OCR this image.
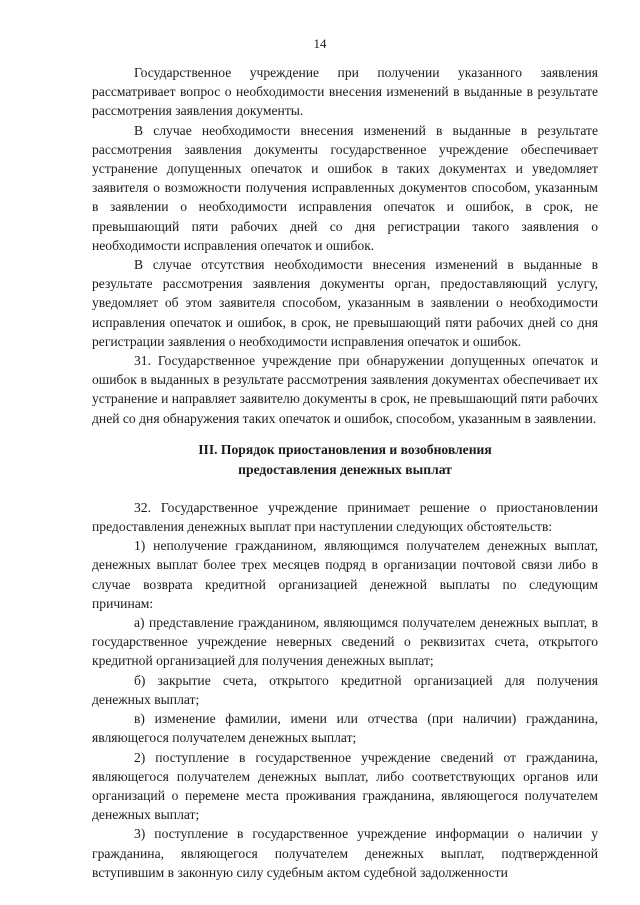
14

Государственное учреждение при получении указанного заявления рассматривает вопрос о необходимости внесения изменений в выданные в результате рассмотрения заявления документы.

В случае необходимости внесения изменений в выданные в результате рассмотрения заявления документы государственное учреждение обеспечивает устранение допущенных опечаток и ошибок в таких документах и уведомляет заявителя о возможности получения исправленных документов способом, указанным в заявлении о необходимости исправления опечаток и ошибок, в срок, не превышающий пяти рабочих дней со дня регистрации такого заявления о необходимости исправления опечаток и ошибок.

В случае отсутствия необходимости внесения изменений в выданные в результате рассмотрения заявления документы орган, предоставляющий услугу, уведомляет об этом заявителя способом, указанным в заявлении о необходимости исправления опечаток и ошибок, в срок, не превышающий пяти рабочих дней со дня регистрации заявления о необходимости исправления опечаток и ошибок.

31. Государственное учреждение при обнаружении допущенных опечаток и ошибок в выданных в результате рассмотрения заявления документах обеспечивает их устранение и направляет заявителю документы в срок, не превышающий пяти рабочих дней со дня обнаружения таких опечаток и ошибок, способом, указанным в заявлении.

III. Порядок приостановления и возобновления
предоставления денежных выплат

32. Государственное учреждение принимает решение о приостановлении предоставления денежных выплат при наступлении следующих обстоятельств:

1) неполучение гражданином, являющимся получателем денежных выплат, денежных выплат более трех месяцев подряд в организации почтовой связи либо в случае возврата кредитной организацией денежной выплаты по следующим причинам:

а) представление гражданином, являющимся получателем денежных выплат, в государственное учреждение неверных сведений о реквизитах счета, открытого кредитной организацией для получения денежных выплат;

б) закрытие счета, открытого кредитной организацией для получения денежных выплат;

в) изменение фамилии, имени или отчества (при наличии) гражданина, являющегося получателем денежных выплат;

2) поступление в государственное учреждение сведений от гражданина, являющегося получателем денежных выплат, либо соответствующих органов или организаций о перемене места проживания гражданина, являющегося получателем денежных выплат;

3) поступление в государственное учреждение информации о наличии у гражданина, являющегося получателем денежных выплат, подтвержденной вступившим в законную силу судебным актом судебной задолженности
